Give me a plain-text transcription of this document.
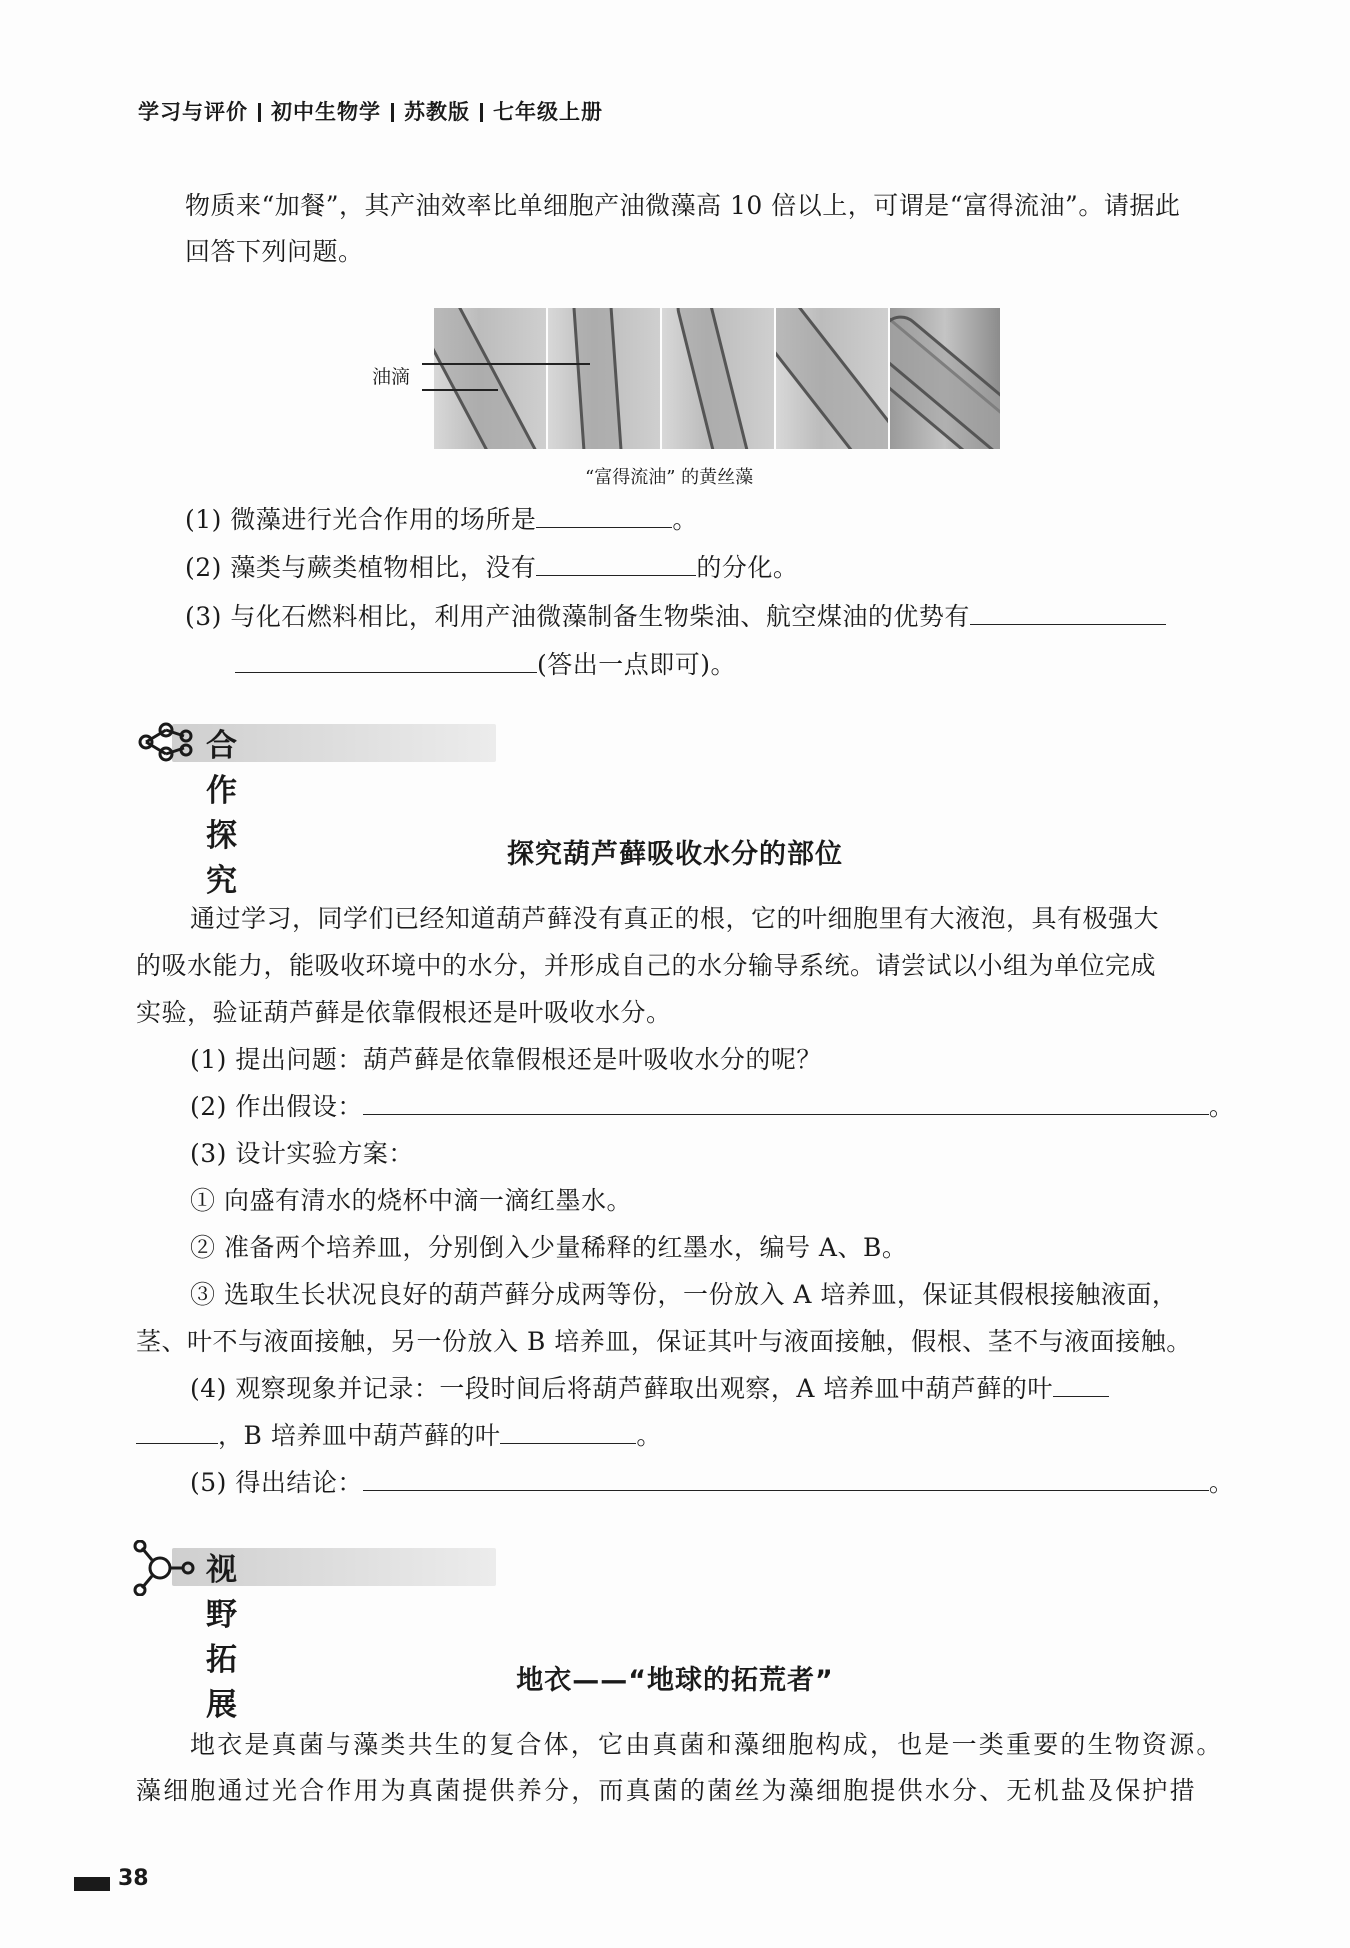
学习与评价 初中生物学 苏教版 七年级上册
物质来“加餐”，其产油效率比单细胞产油微藻高 10 倍以上，可谓是“富得流油”。请据此
回答下列问题。
油滴
“富得流油” 的黄丝藻
(1) 微藻进行光合作用的场所是	。
(2) 藻类与蕨类植物相比，没有	的分化。
(3) 与化石燃料相比，利用产油微藻制备生物柴油、航空煤油的优势有
(答出一点即可)。
合作探究
探究葫芦藓吸收水分的部位
通过学习，同学们已经知道葫芦藓没有真正的根，它的叶细胞里有大液泡，具有极强大
的吸水能力，能吸收环境中的水分，并形成自己的水分输导系统。请尝试以小组为单位完成
实验，验证葫芦藓是依靠假根还是叶吸收水分。
(1) 提出问题：葫芦藓是依靠假根还是叶吸收水分的呢？
(2) 作出假设：	。
(3) 设计实验方案：
① 向盛有清水的烧杯中滴一滴红墨水。
② 准备两个培养皿，分别倒入少量稀释的红墨水，编号 A、B。
③ 选取生长状况良好的葫芦藓分成两等份，一份放入 A 培养皿，保证其假根接触液面，
茎、叶不与液面接触，另一份放入 B 培养皿，保证其叶与液面接触，假根、茎不与液面接触。
(4) 观察现象并记录：一段时间后将葫芦藓取出观察，A 培养皿中葫芦藓的叶
，B 培养皿中葫芦藓的叶	。
(5) 得出结论：	。
视野拓展
地衣——“地球的拓荒者”
地衣是真菌与藻类共生的复合体，它由真菌和藻细胞构成，也是一类重要的生物资源。
藻细胞通过光合作用为真菌提供养分，而真菌的菌丝为藻细胞提供水分、无机盐及保护措
38
